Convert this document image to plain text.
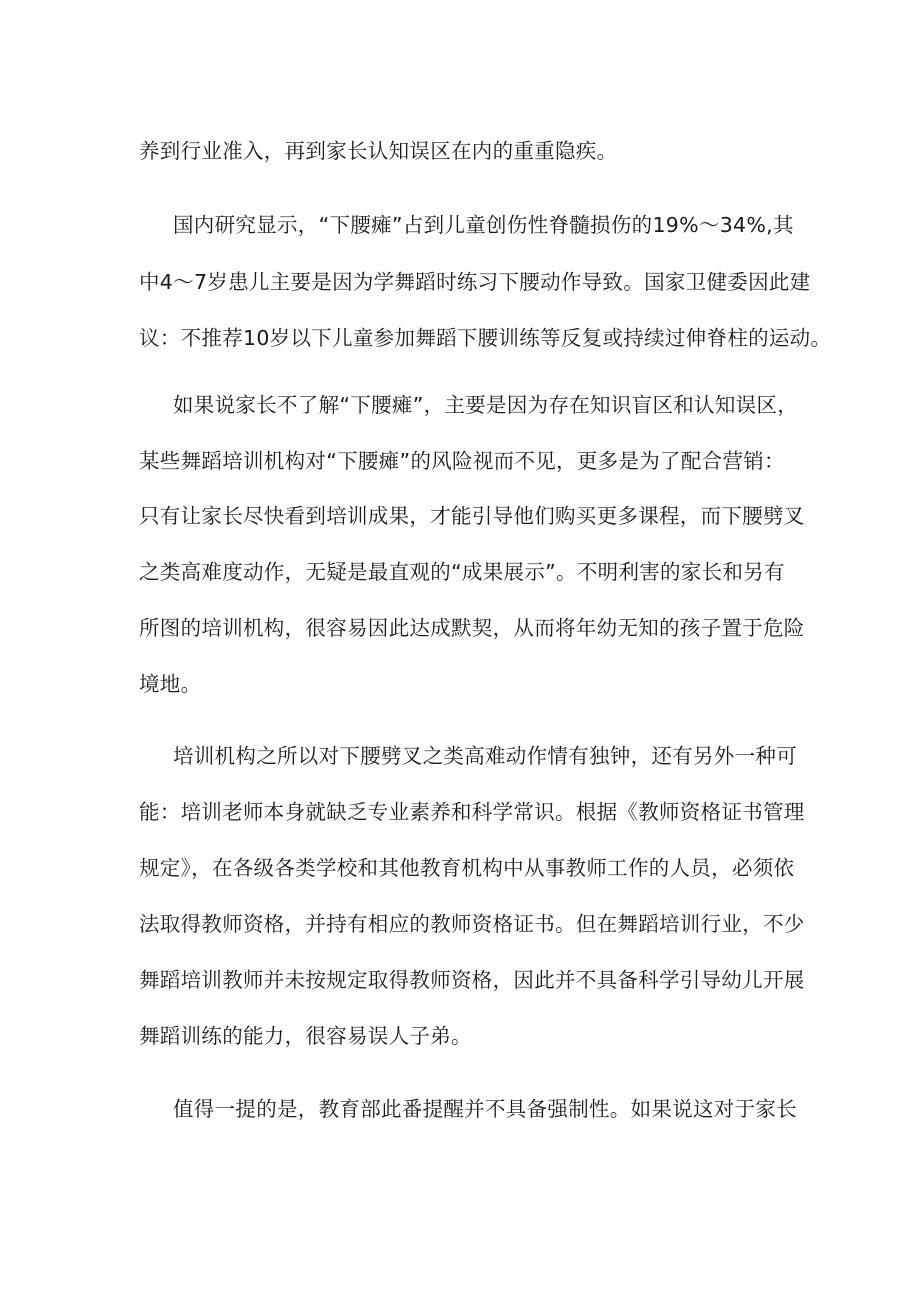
养到行业准入，再到家长认知误区在内的重重隐疾。
国内研究显示，“下腰瘫”占到儿童创伤性脊髓损伤的19%～34%,其
中4～7岁患儿主要是因为学舞蹈时练习下腰动作导致。国家卫健委因此建
议：不推荐10岁以下儿童参加舞蹈下腰训练等反复或持续过伸脊柱的运动。
如果说家长不了解“下腰瘫”，主要是因为存在知识盲区和认知误区，
某些舞蹈培训机构对“下腰瘫”的风险视而不见，更多是为了配合营销：
只有让家长尽快看到培训成果，才能引导他们购买更多课程，而下腰劈叉
之类高难度动作，无疑是最直观的“成果展示”。不明利害的家长和另有
所图的培训机构，很容易因此达成默契，从而将年幼无知的孩子置于危险
境地。
培训机构之所以对下腰劈叉之类高难动作情有独钟，还有另外一种可
能：培训老师本身就缺乏专业素养和科学常识。根据《教师资格证书管理
规定》，在各级各类学校和其他教育机构中从事教师工作的人员，必须依
法取得教师资格，并持有相应的教师资格证书。但在舞蹈培训行业，不少
舞蹈培训教师并未按规定取得教师资格，因此并不具备科学引导幼儿开展
舞蹈训练的能力，很容易误人子弟。
值得一提的是，教育部此番提醒并不具备强制性。如果说这对于家长
